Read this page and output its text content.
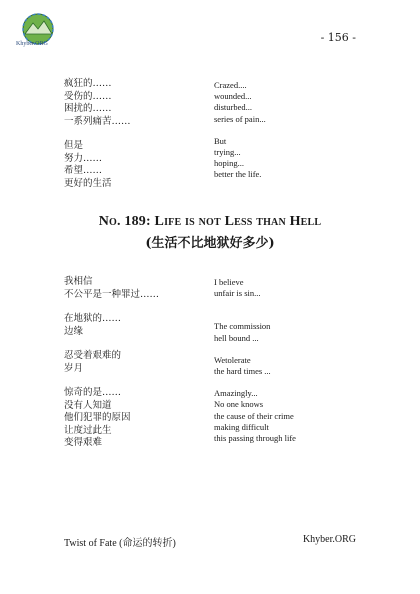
Khyber.ORG	- 156 -
疯狂的……
受伤的……
困扰的……
一系列痛苦……
但是
努力……
希望……
更好的生活
Crazed....
wounded...
disturbed...
series of pain...
But
trying...
hoping...
better the life.
No. 189: Life is not Less than Hell
(生活不比地狱好多少)
我相信
不公平是一种罪过……
在地狱的……
边缘
忍受着艰难的
岁月
惊奇的是……
没有人知道
他们犯罪的原因
让度过此生
变得艰难
I believe
unfair is sin...
The commission
hell bound ...
Wetolerate
the hard times ...
Amazingly...
No one knows
the cause of their crime
making difficult
this passing through life
Twist of Fate (命运的转折)	Khyber.ORG
